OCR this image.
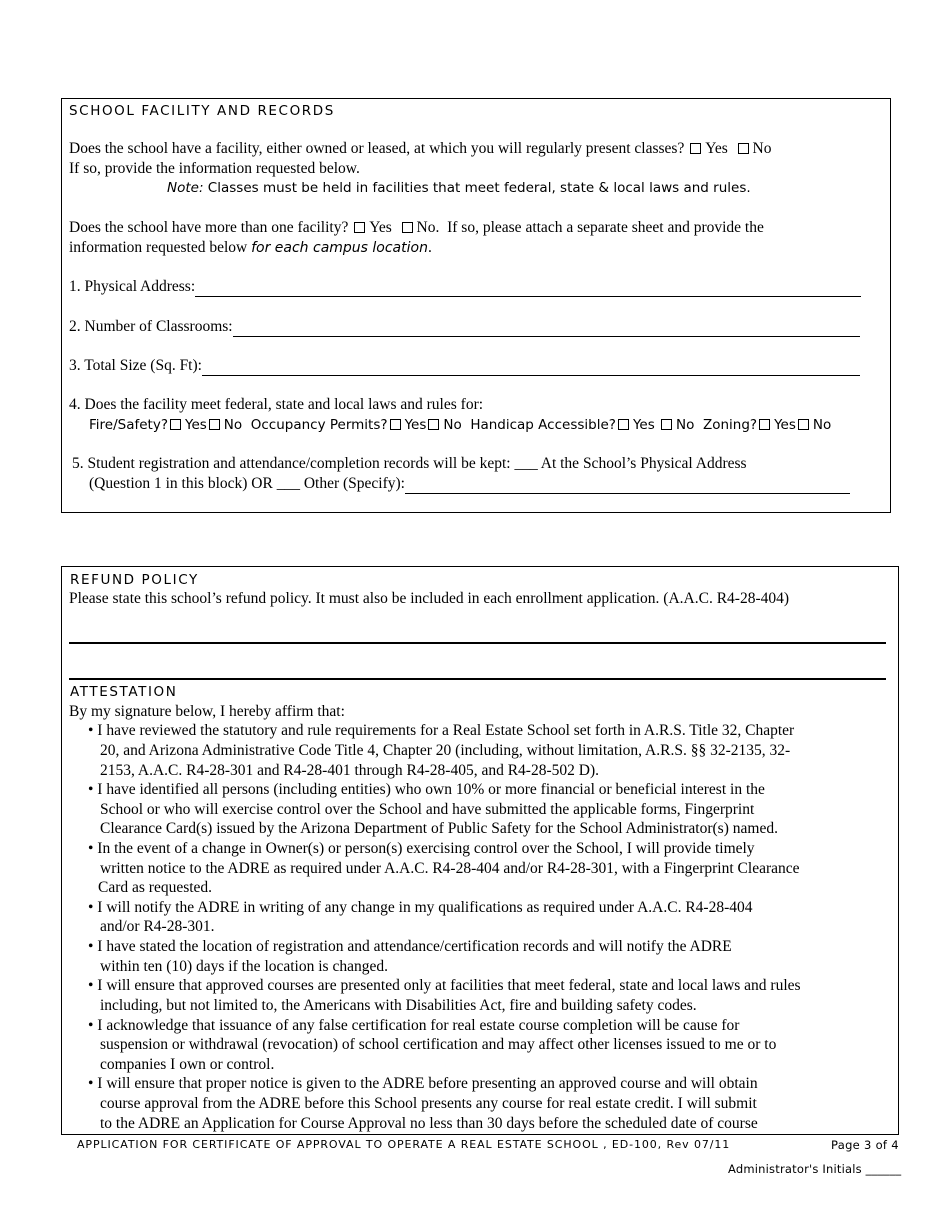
SCHOOL FACILITY AND RECORDS
Does the school have a facility, either owned or leased, at which you will regularly present classes? Yes No
If so, provide the information requested below.
Note: Classes must be held in facilities that meet federal, state & local laws and rules.
Does the school have more than one facility? Yes No. If so, please attach a separate sheet and provide the
information requested below for each campus location.
1. Physical Address:
2. Number of Classrooms:
3. Total Size (Sq. Ft):
4. Does the facility meet federal, state and local laws and rules for:
Fire/Safety? Yes No Occupancy Permits? Yes No Handicap Accessible? Yes No Zoning? Yes No
5. Student registration and attendance/completion records will be kept: ___ At the School’s Physical Address
(Question 1 in this block) OR ___ Other (Specify):
REFUND POLICY
Please state this school’s refund policy. It must also be included in each enrollment application. (A.A.C. R4-28-404)
ATTESTATION
By my signature below, I hereby affirm that:
• I have reviewed the statutory and rule requirements for a Real Estate School set forth in A.R.S. Title 32, Chapter
20, and Arizona Administrative Code Title 4, Chapter 20 (including, without limitation, A.R.S. §§ 32-2135, 32-
2153, A.A.C. R4-28-301 and R4-28-401 through R4-28-405, and R4-28-502 D).
• I have identified all persons (including entities) who own 10% or more financial or beneficial interest in the
School or who will exercise control over the School and have submitted the applicable forms, Fingerprint
Clearance Card(s) issued by the Arizona Department of Public Safety for the School Administrator(s) named.
• In the event of a change in Owner(s) or person(s) exercising control over the School, I will provide timely
written notice to the ADRE as required under A.A.C. R4-28-404 and/or R4-28-301, with a Fingerprint Clearance
Card as requested.
• I will notify the ADRE in writing of any change in my qualifications as required under A.A.C. R4-28-404
and/or R4-28-301.
• I have stated the location of registration and attendance/certification records and will notify the ADRE
within ten (10) days if the location is changed.
• I will ensure that approved courses are presented only at facilities that meet federal, state and local laws and rules
including, but not limited to, the Americans with Disabilities Act, fire and building safety codes.
• I acknowledge that issuance of any false certification for real estate course completion will be cause for
suspension or withdrawal (revocation) of school certification and may affect other licenses issued to me or to
companies I own or control.
• I will ensure that proper notice is given to the ADRE before presenting an approved course and will obtain
course approval from the ADRE before this School presents any course for real estate credit. I will submit
to the ADRE an Application for Course Approval no less than 30 days before the scheduled date of course
APPLICATION FOR CERTIFICATE OF APPROVAL TO OPERATE A REAL ESTATE SCHOOL , ED-100, Rev 07/11	Page 3 of 4
Administrator's Initials ______
